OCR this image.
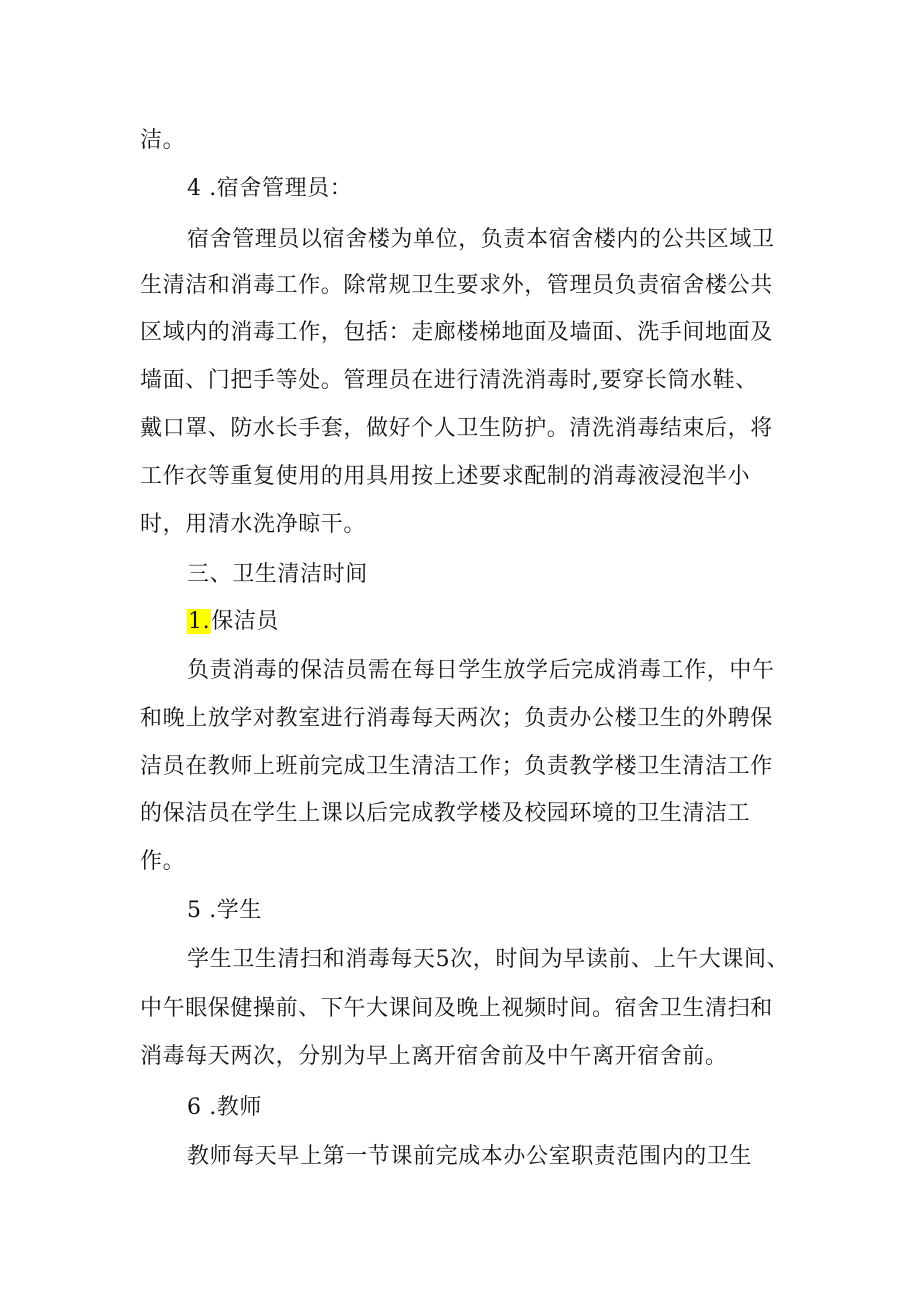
洁。
4 .宿舍管理员：
宿舍管理员以宿舍楼为单位，负责本宿舍楼内的公共区域卫
生清洁和消毒工作。除常规卫生要求外，管理员负责宿舍楼公共
区域内的消毒工作，包括：走廊楼梯地面及墙面、洗手间地面及
墙面、门把手等处。管理员在进行清洗消毒时,要穿长筒水鞋、
戴口罩、防水长手套，做好个人卫生防护。清洗消毒结束后，将
工作衣等重复使用的用具用按上述要求配制的消毒液浸泡半小
时，用清水洗净晾干。
三、卫生清洁时间
1.保洁员
负责消毒的保洁员需在每日学生放学后完成消毒工作，中午
和晚上放学对教室进行消毒每天两次；负责办公楼卫生的外聘保
洁员在教师上班前完成卫生清洁工作；负责教学楼卫生清洁工作
的保洁员在学生上课以后完成教学楼及校园环境的卫生清洁工
作。
5 .学生
学生卫生清扫和消毒每天5次，时间为早读前、上午大课间、
中午眼保健操前、下午大课间及晚上视频时间。宿舍卫生清扫和
消毒每天两次，分别为早上离开宿舍前及中午离开宿舍前。
6 .教师
教师每天早上第一节课前完成本办公室职责范围内的卫生
